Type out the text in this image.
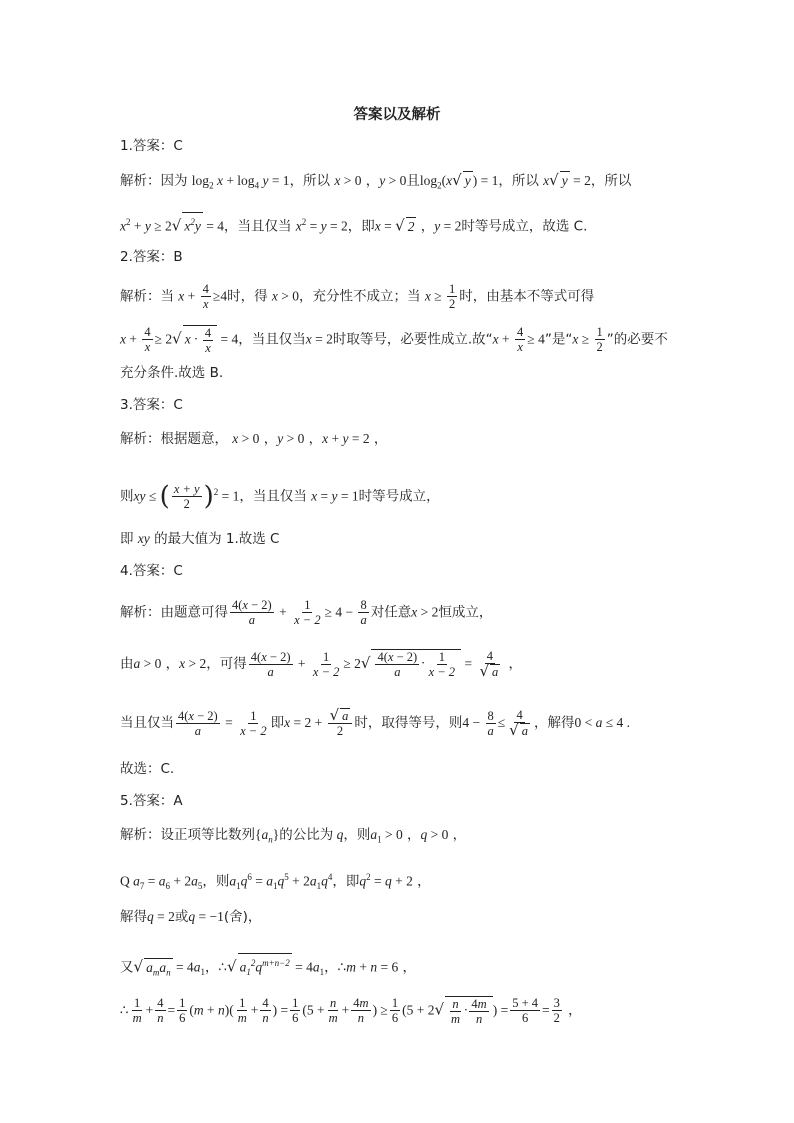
答案以及解析
1.答案：C
解析：因为 $\log_2 x + \log_4 y = 1$，所以 x > 0 ，y > 0且$\log_2(x√$ y ) = 1，所以 x√ y = 2，所以
$x^2 + y \ge 2√$ $x^2y = 4$，当且仅当 $x^2 = y = 2$，即x = √ 2 ，y = 2时等号成立，故选 C.
2.答案：B
解析：当 $x + \frac{4}{x} \ge 4$时，得 x > 0，充分性不成立；当 $x \ge \frac{1}{2}$ 时，由基本不等式可得
$x + \frac{4}{x} \ge 2√$ $x \cdot \frac{4}{x} = 4$，当且仅当x = 2时取等号，必要性成立.故“$x + \frac{4}{x} \ge 4$”是“$x \ge \frac{1}{2}$ ”的必要不
充分条件.故选 B.
3.答案：C
解析：根据题意， x > 0 ，y > 0 ，x + y = 2 ，
则xy ≤ ( $\frac{x + y}{2} )^2 = 1$，当且仅当 x = y = 1时等号成立，
即 xy 的最大值为 1.故选 C
4.答案：C
解析：由题意可得 $\frac{4(x - 2)}{a} + \frac{1}{x - 2} \ge 4 - \frac{8}{a}$ 对任意x > 2恒成立，
由a > 0 ，x > 2，可得 $\frac{4(x - 2)}{a} + \frac{1}{x - 2} \ge 2√ \frac{4(x - 2)}{a} \cdot \frac{1}{x - 2} = \frac{4}{√ a}$ ，
当且仅当 $\frac{4(x - 2)}{a} = \frac{1}{x - 2}$ 即$x = 2 + \frac{√ a}{2}$ 时，取得等号，则$4 - \frac{8}{a} \le \frac{4}{√ a}$ ，解得0 < a ≤ 4 .
故选：C.
5.答案：A
解析：设正项等比数列$\{a_n\}$的公比为 q，则$a_1 > 0$ ，q > 0 ，
Q $a_7 = a_6 + 2a_5$，则$a_1q^6 = a_1q^5 + 2a_1q^4$，即$q^2 = q + 2$ ，
解得q = 2或q = −1(舍)，
又√ $a_ma_n = 4a_1$，∴√ $a_1^2q^{m+n-2} = 4a_1$，∴m + n = 6 ，
∴ $\frac{1}{m} + \frac{4}{n} = \frac{1}{6} (m + n)( \frac{1}{m} + \frac{4}{n}$ ) = $\frac{1}{6} (5 + \frac{n}{m} + \frac{4m}{n}$ ) ≥ $\frac{1}{6} (5 + 2√ \frac{n}{m} \cdot \frac{4m}{n}$ ) = $\frac{5 + 4}{6} = \frac{3}{2}$ ，
